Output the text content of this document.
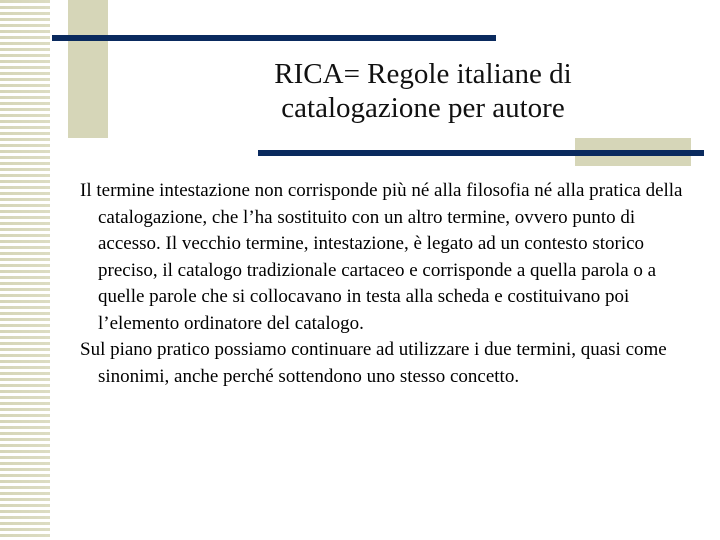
RICA= Regole italiane di
catalogazione per autore

Il termine intestazione non corrisponde più né alla filosofia né alla pratica della catalogazione, che l’ha sostituito con un altro termine, ovvero punto di accesso. Il vecchio termine, intestazione, è legato ad un contesto storico preciso, il catalogo tradizionale cartaceo e corrisponde a quella parola o a quelle parole che si collocavano in testa alla scheda e costituivano poi l’elemento ordinatore del catalogo.

Sul piano pratico possiamo continuare ad utilizzare i due termini, quasi come sinonimi, anche perché sottendono uno stesso concetto.
